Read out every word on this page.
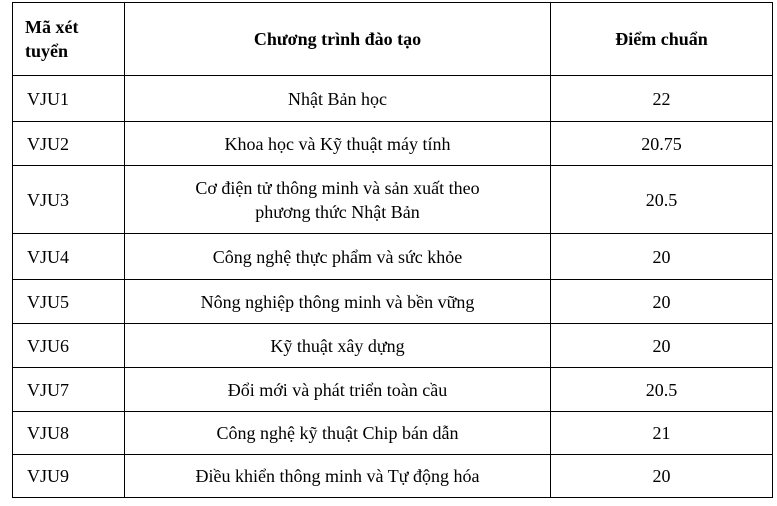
Mã xét
tuyển	Chương trình đào tạo	Điểm chuẩn
VJU1	Nhật Bản học	22
VJU2	Khoa học và Kỹ thuật máy tính	20.75
VJU3	Cơ điện tử thông minh và sản xuất theo
phương thức Nhật Bản	20.5
VJU4	Công nghệ thực phẩm và sức khỏe	20
VJU5	Nông nghiệp thông minh và bền vững	20
VJU6	Kỹ thuật xây dựng	20
VJU7	Đổi mới và phát triển toàn cầu	20.5
VJU8	Công nghệ kỹ thuật Chip bán dẫn	21
VJU9	Điều khiển thông minh và Tự động hóa	20
